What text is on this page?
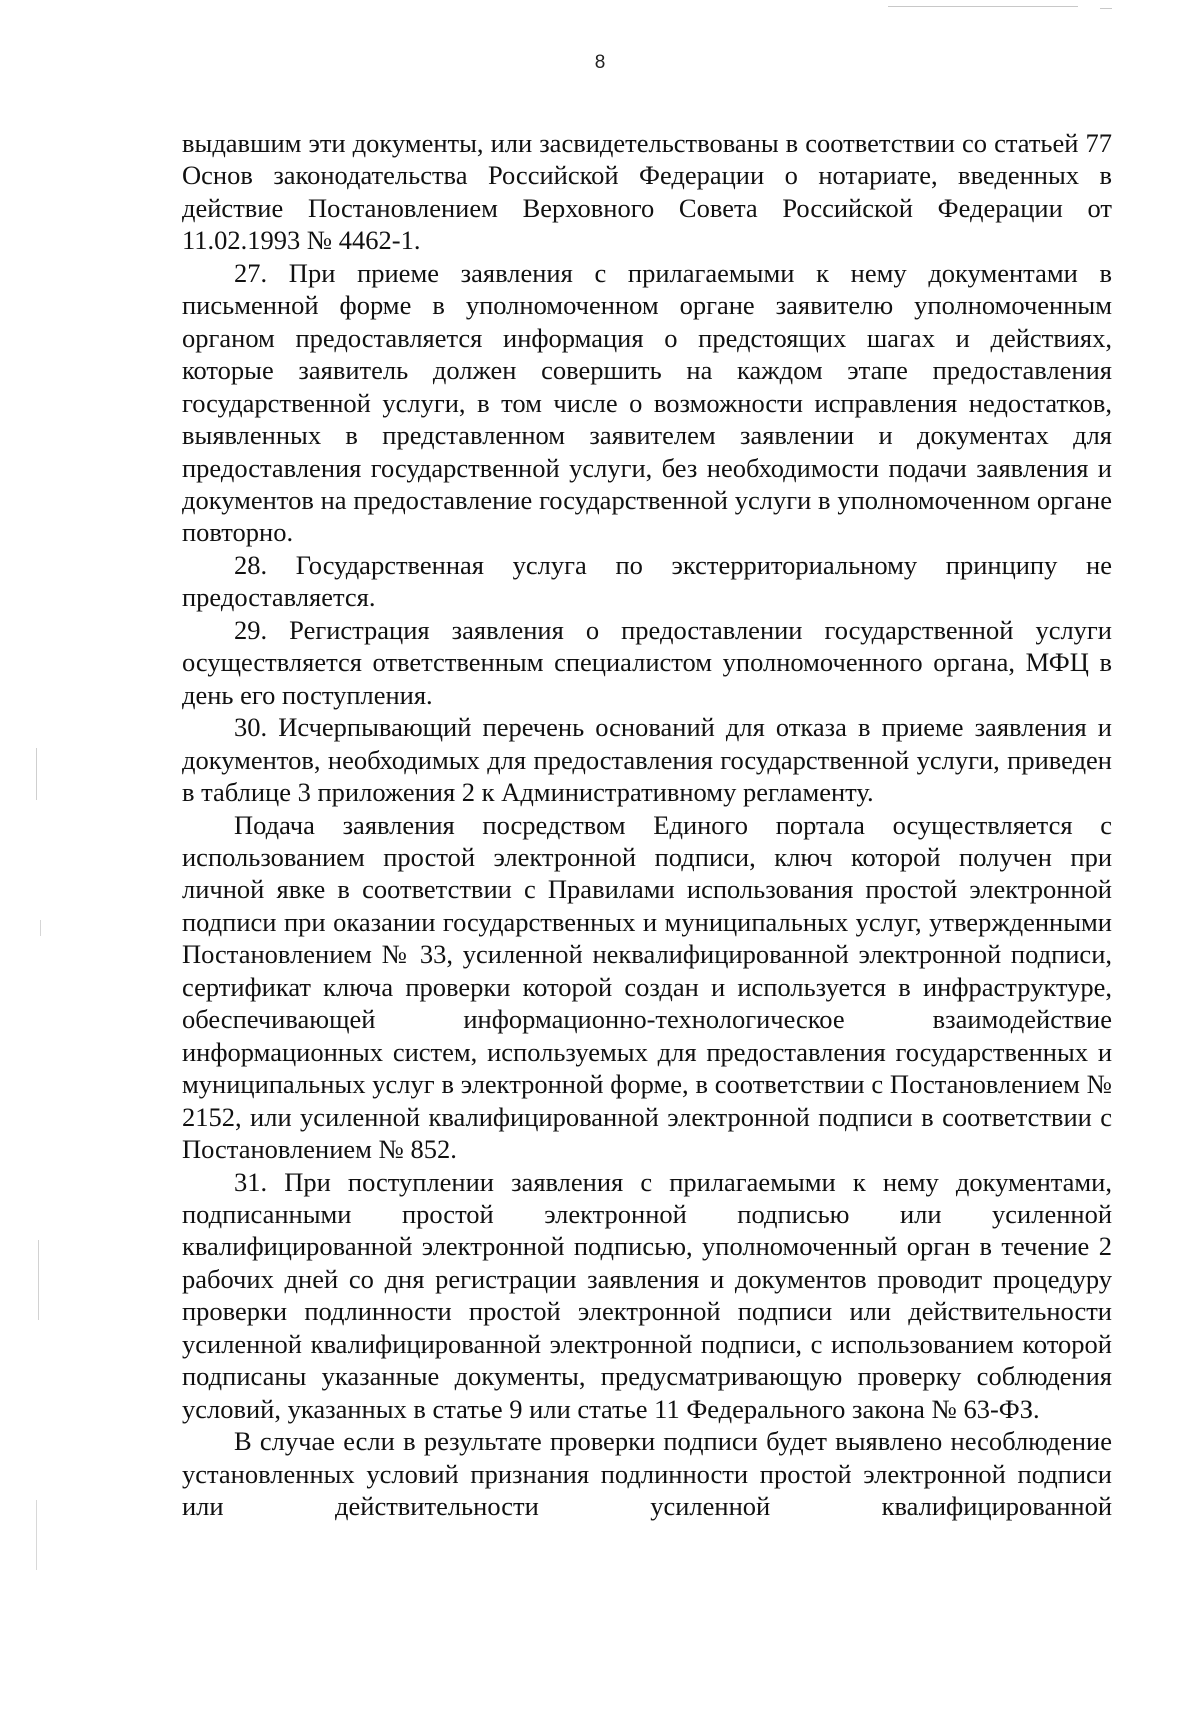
8

выдавшим эти документы, или засвидетельствованы в соответствии со статьей 77 Основ законодательства Российской Федерации о нотариате, введенных в действие Постановлением Верховного Совета Российской Федерации от 11.02.1993 № 4462-1.

27. При приеме заявления с прилагаемыми к нему документами в письменной форме в уполномоченном органе заявителю уполномоченным органом предоставляется информация о предстоящих шагах и действиях, которые заявитель должен совершить на каждом этапе предоставления государственной услуги, в том числе о возможности исправления недостатков, выявленных в представленном заявителем заявлении и документах для предоставления государственной услуги, без необходимости подачи заявления и документов на предоставление государственной услуги в уполномоченном органе повторно.

28. Государственная услуга по экстерриториальному принципу не предоставляется.

29. Регистрация заявления о предоставлении государственной услуги осуществляется ответственным специалистом уполномоченного органа, МФЦ в день его поступления.

30. Исчерпывающий перечень оснований для отказа в приеме заявления и документов, необходимых для предоставления государственной услуги, приведен в таблице 3 приложения 2 к Административному регламенту.

Подача заявления посредством Единого портала осуществляется с использованием простой электронной подписи, ключ которой получен при личной явке в соответствии с Правилами использования простой электронной подписи при оказании государственных и муниципальных услуг, утвержденными Постановлением № 33, усиленной неквалифицированной электронной подписи, сертификат ключа проверки которой создан и используется в инфраструктуре, обеспечивающей информационно-технологическое взаимодействие информационных систем, используемых для предоставления государственных и муниципальных услуг в электронной форме, в соответствии с Постановлением № 2152, или усиленной квалифицированной электронной подписи в соответствии с Постановлением № 852.

31. При поступлении заявления с прилагаемыми к нему документами, подписанными простой электронной подписью или усиленной квалифицированной электронной подписью, уполномоченный орган в течение 2 рабочих дней со дня регистрации заявления и документов проводит процедуру проверки подлинности простой электронной подписи или действительности усиленной квалифицированной электронной подписи, с использованием которой подписаны указанные документы, предусматривающую проверку соблюдения условий, указанных в статье 9 или статье 11 Федерального закона № 63-ФЗ.

В случае если в результате проверки подписи будет выявлено несоблюдение установленных условий признания подлинности простой электронной подписи или действительности усиленной квалифицированной
